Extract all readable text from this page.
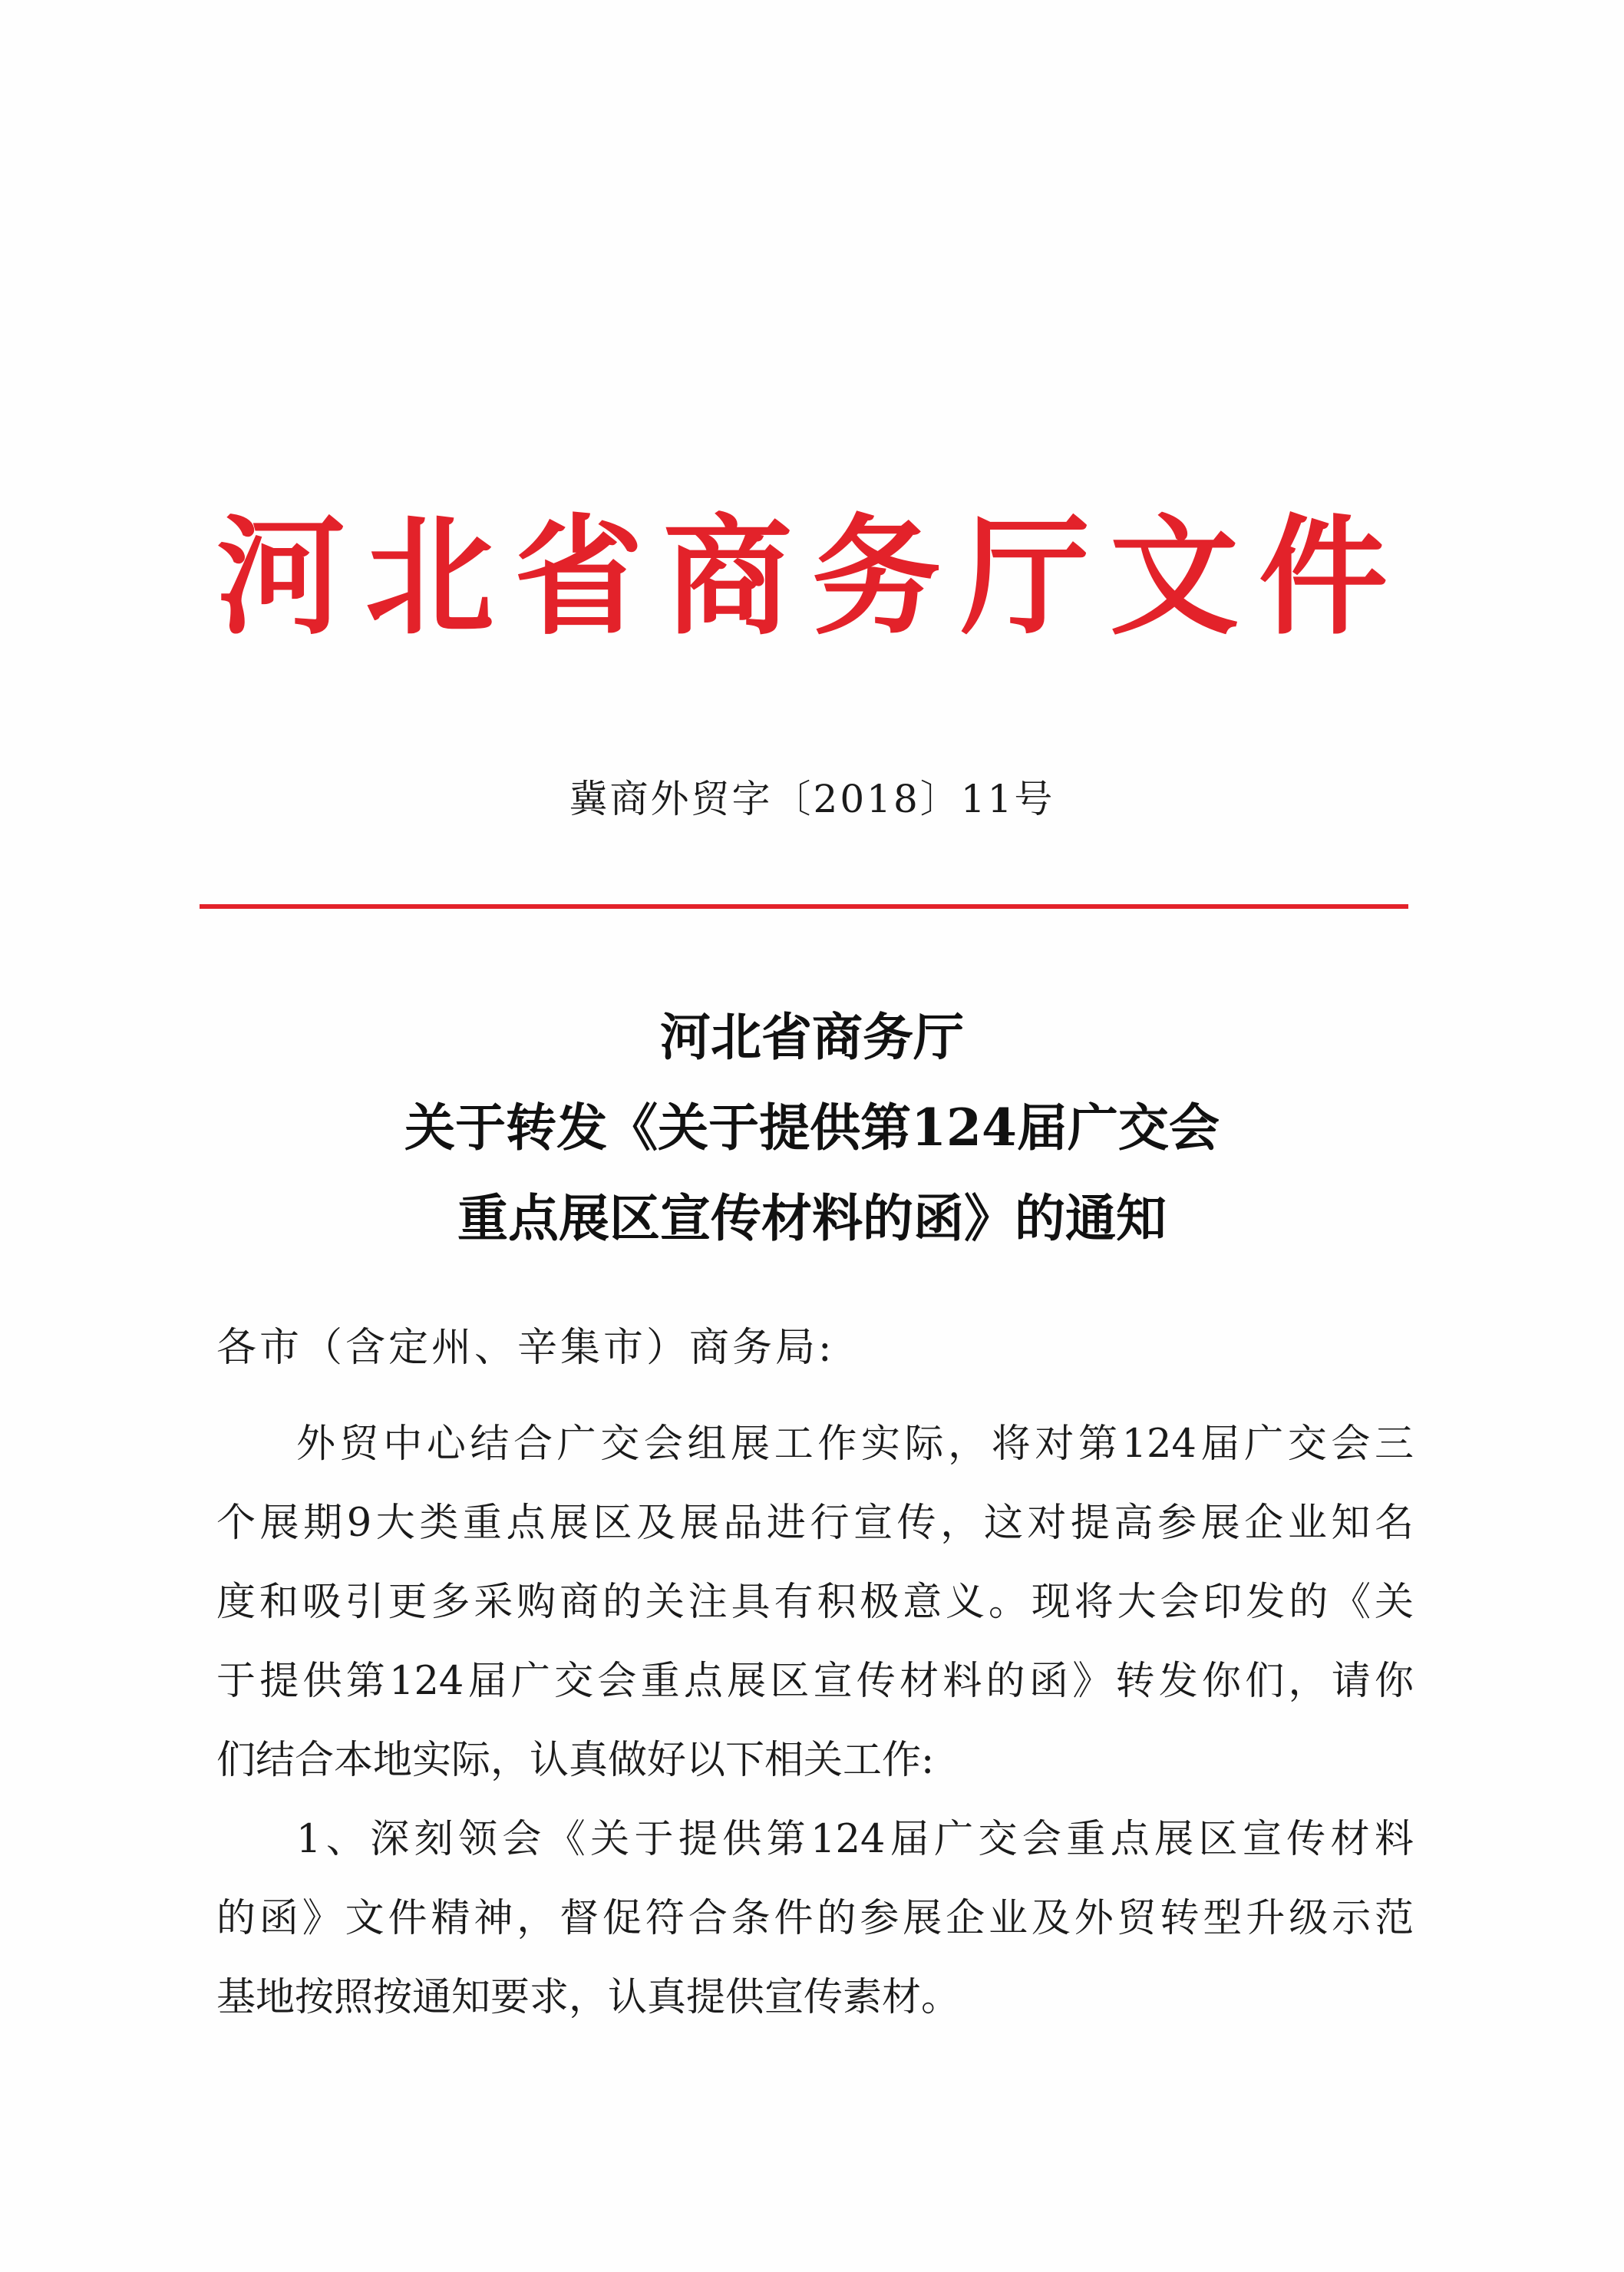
河北省商务厅文件
冀商外贸字〔2018〕11号
河北省商务厅
关于转发《关于提供第124届广交会
重点展区宣传材料的函》的通知
各市（含定州、辛集市）商务局:
外贸中心结合广交会组展工作实际，将对第124届广交会三
个展期9大类重点展区及展品进行宣传，这对提高参展企业知名
度和吸引更多采购商的关注具有积极意义。现将大会印发的《关
于提供第124届广交会重点展区宣传材料的函》转发你们，请你
们结合本地实际，认真做好以下相关工作:
1、深刻领会《关于提供第124届广交会重点展区宣传材料
的函》文件精神，督促符合条件的参展企业及外贸转型升级示范
基地按照按通知要求，认真提供宣传素材。
